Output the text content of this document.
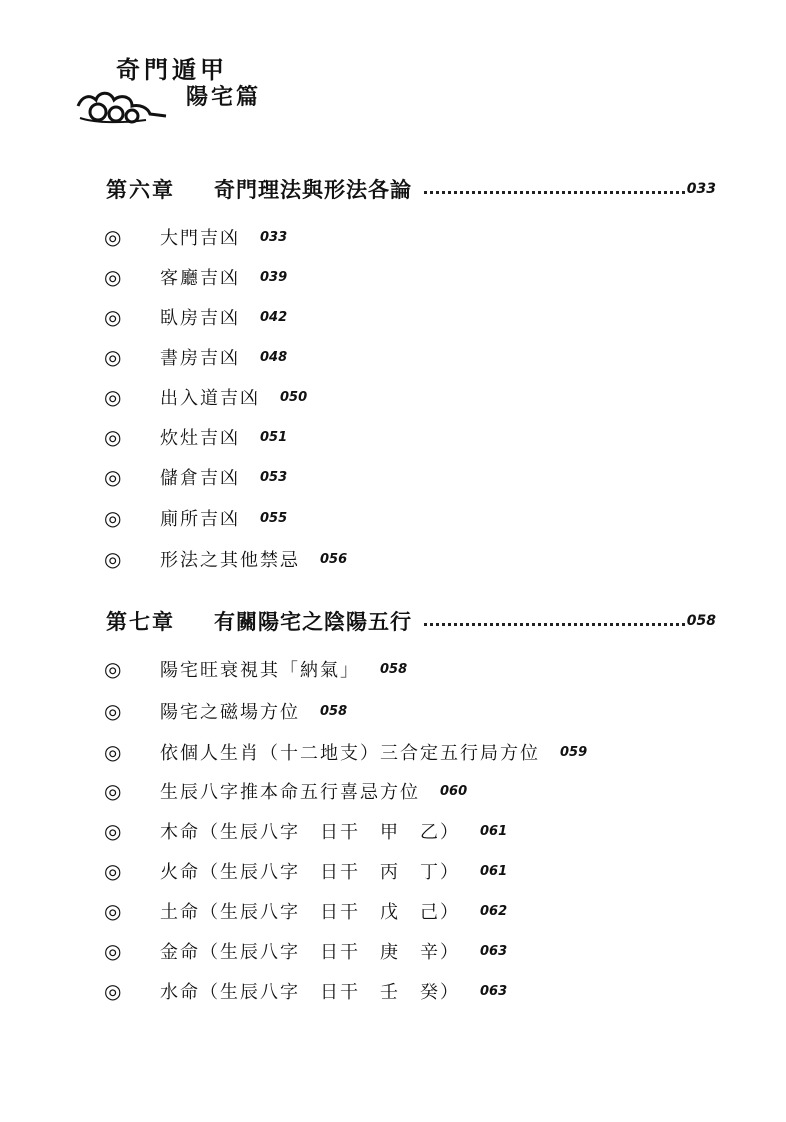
奇門遁甲
陽宅篇
第六章	奇門理法與形法各論	033
◎	大門吉凶 033
◎	客廳吉凶 039
◎	臥房吉凶 042
◎	書房吉凶 048
◎	出入道吉凶 050
◎	炊灶吉凶 051
◎	儲倉吉凶 053
◎	廁所吉凶 055
◎	形法之其他禁忌 056
第七章	有關陽宅之陰陽五行	058
◎	陽宅旺衰視其「納氣」 058
◎	陽宅之磁場方位 058
◎	依個人生肖（十二地支）三合定五行局方位 059
◎	生辰八字推本命五行喜忌方位 060
◎	木命（生辰八字　日干　甲　乙） 061
◎	火命（生辰八字　日干　丙　丁） 061
◎	土命（生辰八字　日干　戊　己） 062
◎	金命（生辰八字　日干　庚　辛） 063
◎	水命（生辰八字　日干　壬　癸） 063
